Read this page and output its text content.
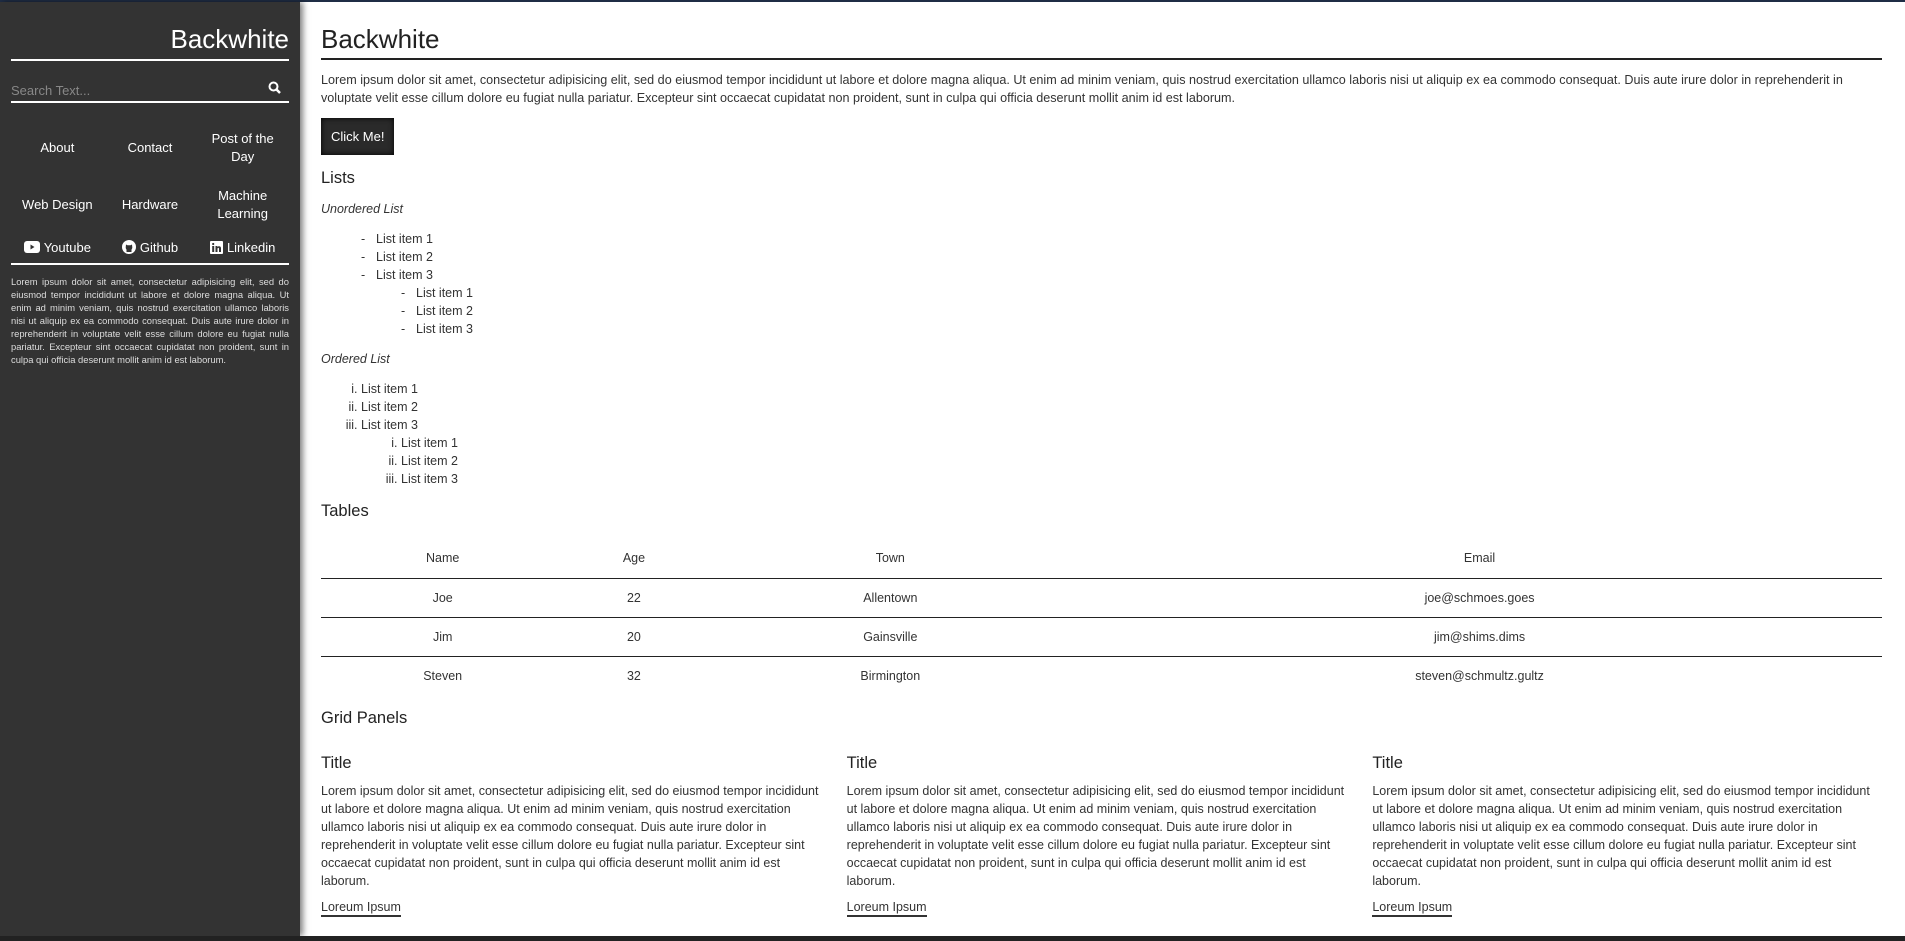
Backwhite
Search Text...
About	Contact
Post of the Day
Web Design	Hardware
Machine Learning
Youtube	Github	Linkedin

Lorem ipsum dolor sit amet, consectetur adipisicing elit, sed do eiusmod tempor incididunt ut labore et dolore magna aliqua. Ut enim ad minim veniam, quis nostrud exercitation ullamco laboris nisi ut aliquip ex ea commodo consequat. Duis aute irure dolor in reprehenderit in voluptate velit esse cillum dolore eu fugiat nulla pariatur. Excepteur sint occaecat cupidatat non proident, sunt in culpa qui officia deserunt mollit anim id est laborum.

Backwhite

Lorem ipsum dolor sit amet, consectetur adipisicing elit, sed do eiusmod tempor incididunt ut labore et dolore magna aliqua. Ut enim ad minim veniam, quis nostrud exercitation ullamco laboris nisi ut aliquip ex ea commodo consequat. Duis aute irure dolor in reprehenderit in voluptate velit esse cillum dolore eu fugiat nulla pariatur. Excepteur sint occaecat cupidatat non proident, sunt in culpa qui officia deserunt mollit anim id est laborum.

Click Me!
Lists
Unordered List
- List item 1
- List item 2
- List item 3
- List item 1
- List item 2
- List item 3
Ordered List
i. List item 1
ii. List item 2
iii. List item 3
i. List item 1
ii. List item 2
iii. List item 3
Tables
Name	Age	Town	Email
Joe	22	Allentown	joe@schmoes.goes
Jim	20	Gainsville	jim@shims.dims
Steven	32	Birmington	steven@schmultz.gultz
Grid Panels
Title

Lorem ipsum dolor sit amet, consectetur adipisicing elit, sed do eiusmod tempor incididunt ut labore et dolore magna aliqua. Ut enim ad minim veniam, quis nostrud exercitation ullamco laboris nisi ut aliquip ex ea commodo consequat. Duis aute irure dolor in reprehenderit in voluptate velit esse cillum dolore eu fugiat nulla pariatur. Excepteur sint occaecat cupidatat non proident, sunt in culpa qui officia deserunt mollit anim id est laborum.

Loreum Ipsum
Title

Lorem ipsum dolor sit amet, consectetur adipisicing elit, sed do eiusmod tempor incididunt ut labore et dolore magna aliqua. Ut enim ad minim veniam, quis nostrud exercitation ullamco laboris nisi ut aliquip ex ea commodo consequat. Duis aute irure dolor in reprehenderit in voluptate velit esse cillum dolore eu fugiat nulla pariatur. Excepteur sint occaecat cupidatat non proident, sunt in culpa qui officia deserunt mollit anim id est laborum.

Loreum Ipsum
Title

Lorem ipsum dolor sit amet, consectetur adipisicing elit, sed do eiusmod tempor incididunt ut labore et dolore magna aliqua. Ut enim ad minim veniam, quis nostrud exercitation ullamco laboris nisi ut aliquip ex ea commodo consequat. Duis aute irure dolor in reprehenderit in voluptate velit esse cillum dolore eu fugiat nulla pariatur. Excepteur sint occaecat cupidatat non proident, sunt in culpa qui officia deserunt mollit anim id est laborum.

Loreum Ipsum
